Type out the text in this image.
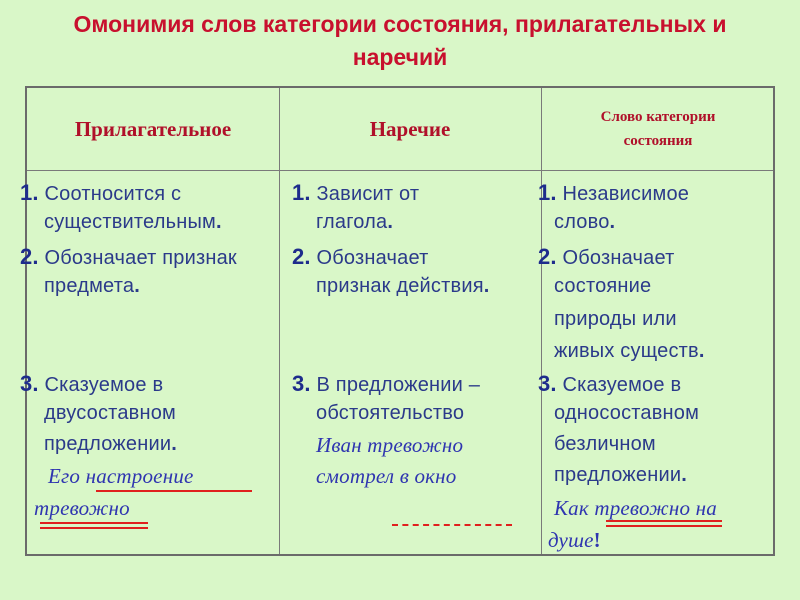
Омонимия слов категории состояния, прилагательных и
наречий
Прилагательное	Наречие	Слово категории
состояния
1. Соотносится с
существительным.
2. Обозначает признак
предмета.
3. Сказуемое в
двусоставном
предложении.
Его настроение
тревожно
1. Зависит от
глагола.
2. Обозначает
признак действия.
3. В предложении –
обстоятельство
Иван тревожно
смотрел в окно
1. Независимое
слово.
2. Обозначает
состояние
природы или
живых существ.
3. Сказуемое в
односоставном
безличном
предложении.
Как тревожно на
душе!
